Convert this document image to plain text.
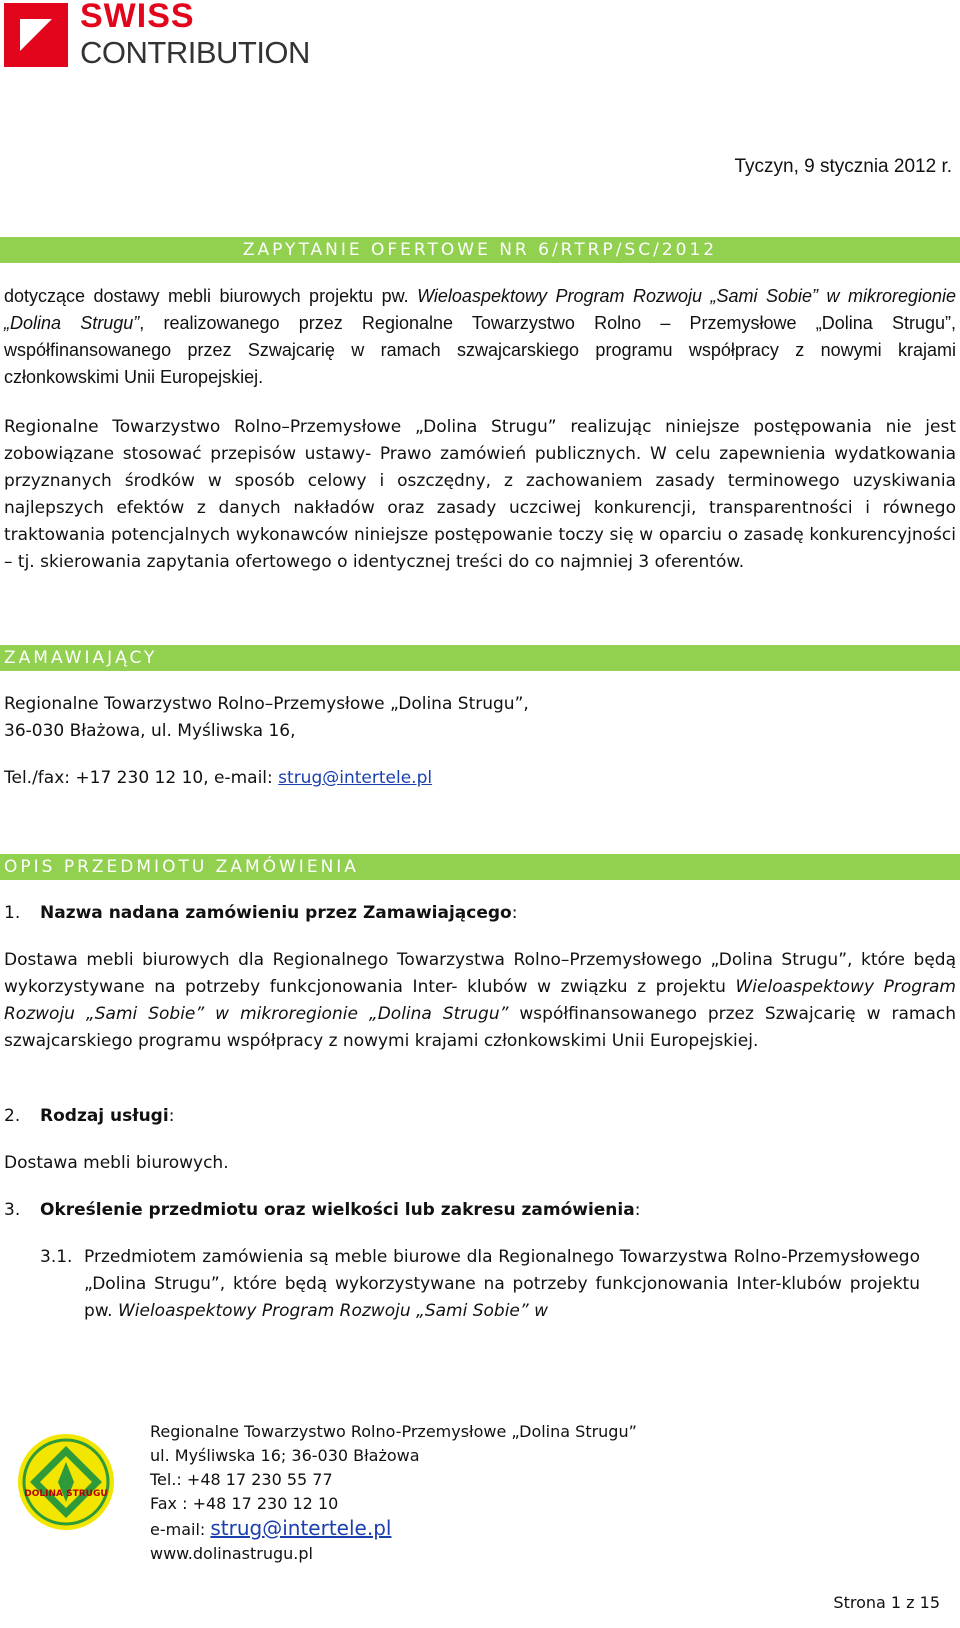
SWISS
CONTRIBUTION
Tyczyn, 9 stycznia 2012 r.
ZAPYTANIE OFERTOWE NR 6/RTRP/SC/2012
dotyczące dostawy mebli biurowych projektu pw. Wieloaspektowy Program Rozwoju „Sami Sobie” w mikroregionie „Dolina Strugu”, realizowanego przez Regionalne Towarzystwo Rolno – Przemysłowe „Dolina Strugu”, współfinansowanego przez Szwajcarię w ramach szwajcarskiego programu współpracy z nowymi krajami członkowskimi Unii Europejskiej.
Regionalne Towarzystwo Rolno–Przemysłowe „Dolina Strugu” realizując niniejsze postępowania nie jest zobowiązane stosować przepisów ustawy- Prawo zamówień publicznych. W celu zapewnienia wydatkowania przyznanych środków w sposób celowy i oszczędny, z zachowaniem zasady terminowego uzyskiwania najlepszych efektów z danych nakładów oraz zasady uczciwej konkurencji, transparentności i równego traktowania potencjalnych wykonawców niniejsze postępowanie toczy się w oparciu o zasadę konkurencyjności – tj. skierowania zapytania ofertowego o identycznej treści do co najmniej 3 oferentów.
ZAMAWIAJĄCY

Regionalne Towarzystwo Rolno–Przemysłowe „Dolina Strugu”,

36-030 Błażowa, ul. Myśliwska 16,

Tel./fax: +17 230 12 10, e-mail: strug@intertele.pl
OPIS PRZEDMIOTU ZAMÓWIENIA
1. Nazwa nadana zamówieniu przez Zamawiającego:
Dostawa mebli biurowych dla Regionalnego Towarzystwa Rolno–Przemysłowego „Dolina Strugu”, które będą wykorzystywane na potrzeby funkcjonowania Inter- klubów w związku z projektu Wieloaspektowy Program Rozwoju „Sami Sobie” w mikroregionie „Dolina Strugu” współfinansowanego przez Szwajcarię w ramach szwajcarskiego programu współpracy z nowymi krajami członkowskimi Unii Europejskiej.
2. Rodzaj usługi:
Dostawa mebli biurowych.
3. Określenie przedmiotu oraz wielkości lub zakresu zamówienia:
3.1. Przedmiotem zamówienia są meble biurowe dla Regionalnego Towarzystwa Rolno-Przemysłowego „Dolina Strugu”, które będą wykorzystywane na potrzeby funkcjonowania Inter-klubów projektu pw. Wieloaspektowy Program Rozwoju „Sami Sobie” w
DOLINA STRUGU
Regionalne Towarzystwo Rolno-Przemysłowe „Dolina Strugu”
ul. Myśliwska 16; 36-030 Błażowa
Tel.: +48 17 230 55 77
Fax : +48 17 230 12 10
e-mail: strug@intertele.pl
www.dolinastrugu.pl
Strona 1 z 15
